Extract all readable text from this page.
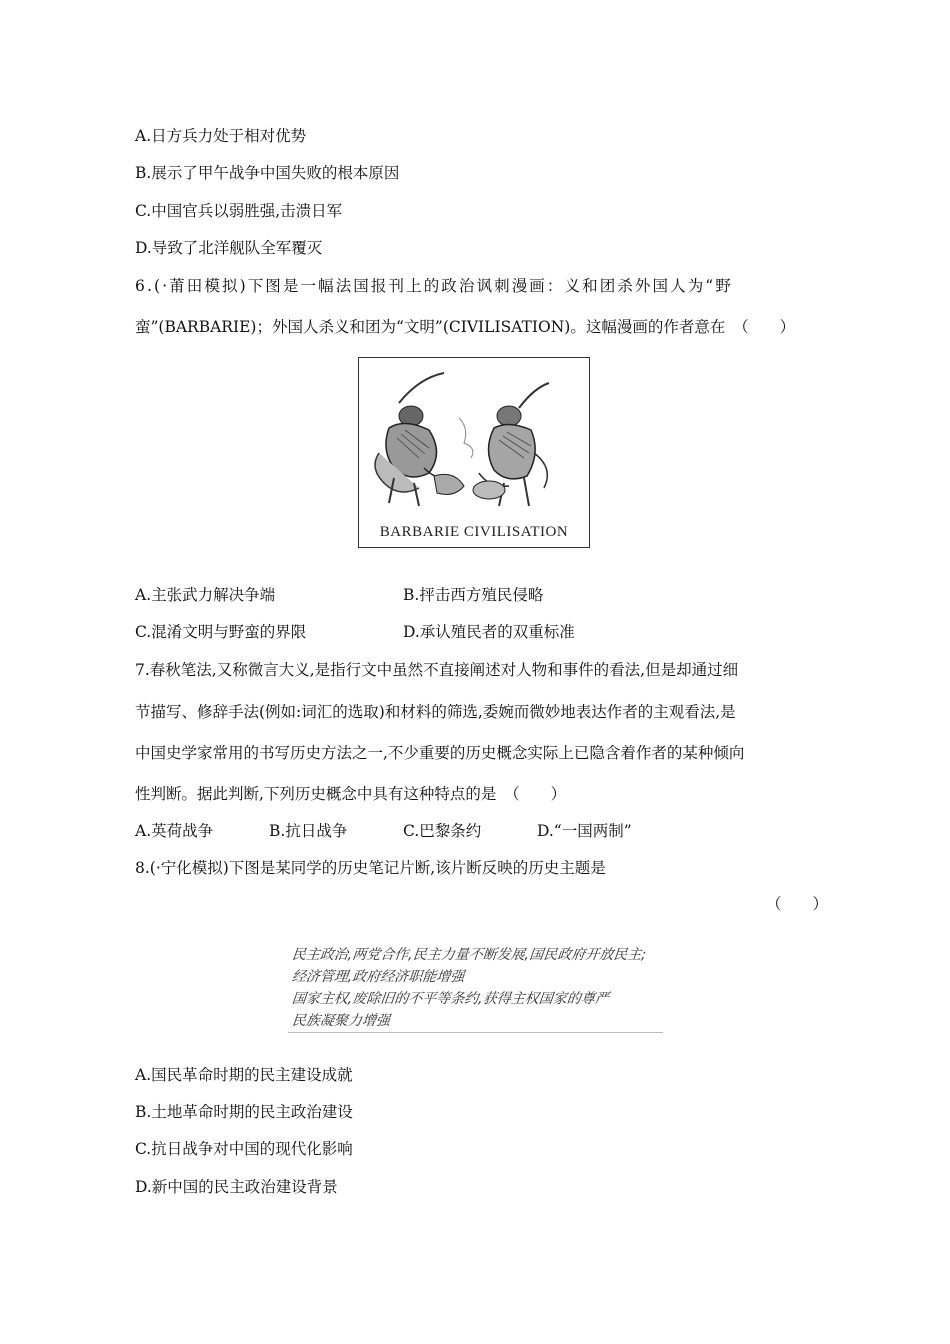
A.日方兵力处于相对优势
B.展示了甲午战争中国失败的根本原因
C.中国官兵以弱胜强,击溃日军
D.导致了北洋舰队全军覆灭
6.(·莆田模拟)下图是一幅法国报刊上的政治讽刺漫画：义和团杀外国人为“野
蛮”(BARBARIE)；外国人杀义和团为“文明”(CIVILISATION)。这幅漫画的作者意在　（　　）
BARBARIE CIVILISATION
A.主张武力解决争端	B.抨击西方殖民侵略
C.混淆文明与野蛮的界限	D.承认殖民者的双重标准
7.春秋笔法,又称微言大义,是指行文中虽然不直接阐述对人物和事件的看法,但是却通过细
节描写、修辞手法(例如:词汇的选取)和材料的筛选,委婉而微妙地表达作者的主观看法,是
中国史学家常用的书写历史方法之一,不少重要的历史概念实际上已隐含着作者的某种倾向
性判断。据此判断,下列历史概念中具有这种特点的是　（　　）
A.英荷战争	B.抗日战争	C.巴黎条约	D.“一国两制”
8.(·宁化模拟)下图是某同学的历史笔记片断,该片断反映的历史主题是
（　　）
民主政治,两党合作,民主力量不断发展,国民政府开放民主;
经济管理,政府经济职能增强
国家主权,废除旧的不平等条约,获得主权国家的尊严
民族凝聚力增强
A.国民革命时期的民主建设成就
B.土地革命时期的民主政治建设
C.抗日战争对中国的现代化影响
D.新中国的民主政治建设背景
